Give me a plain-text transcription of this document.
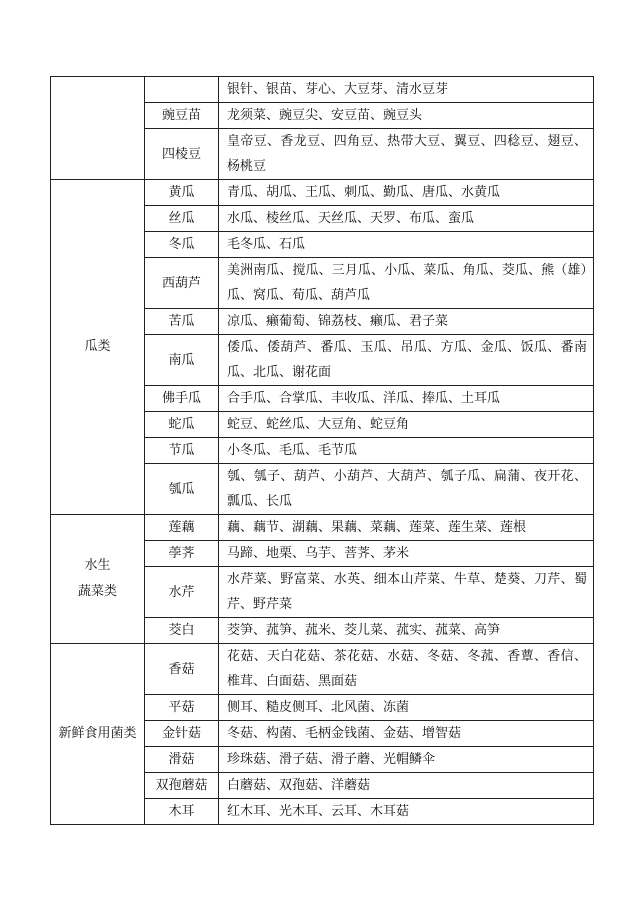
		银针、银苗、芽心、大豆芽、清水豆芽
	豌豆苗	龙须菜、豌豆尖、安豆苗、豌豆头
	四棱豆	皇帝豆、香龙豆、四角豆、热带大豆、翼豆、四稔豆、翅豆、杨桃豆

瓜类	黄瓜	青瓜、胡瓜、王瓜、刺瓜、勤瓜、唐瓜、水黄瓜
	丝瓜	水瓜、棱丝瓜、天丝瓜、天罗、布瓜、蛮瓜
	冬瓜	毛冬瓜、石瓜
	西葫芦	美洲南瓜、搅瓜、三月瓜、小瓜、菜瓜、角瓜、茭瓜、熊（雄）瓜、窝瓜、荀瓜、葫芦瓜
	苦瓜	凉瓜、癞葡萄、锦荔枝、癞瓜、君子菜
	南瓜	倭瓜、倭葫芦、番瓜、玉瓜、吊瓜、方瓜、金瓜、饭瓜、番南瓜、北瓜、谢花面
	佛手瓜	合手瓜、合掌瓜、丰收瓜、洋瓜、捧瓜、土耳瓜
	蛇瓜	蛇豆、蛇丝瓜、大豆角、蛇豆角
	节瓜	小冬瓜、毛瓜、毛节瓜
	瓠瓜	瓠、瓠子、葫芦、小葫芦、大葫芦、瓠子瓜、扁蒲、夜开花、瓢瓜、长瓜

水生
蔬菜类	莲藕	藕、藕节、湖藕、果藕、菜藕、莲菜、莲生菜、莲根
	荸荠	马蹄、地栗、乌芋、菩荠、茅米
	水芹	水芹菜、野富菜、水英、细本山芹菜、牛草、楚葵、刀芹、蜀芹、野芹菜
	茭白	茭笋、菰笋、菰米、茭儿菜、菰实、菰菜、高笋

新鲜食用菌类	香菇	花菇、天白花菇、茶花菇、水菇、冬菇、冬菰、香蕈、香信、椎茸、白面菇、黑面菇
	平菇	侧耳、糙皮侧耳、北风菌、冻菌
	金针菇	冬菇、构菌、毛柄金钱菌、金菇、增智菇
	滑菇	珍珠菇、滑子菇、滑子蘑、光帽鳞伞
	双孢蘑菇	白蘑菇、双孢菇、洋蘑菇
	木耳	红木耳、光木耳、云耳、木耳菇
